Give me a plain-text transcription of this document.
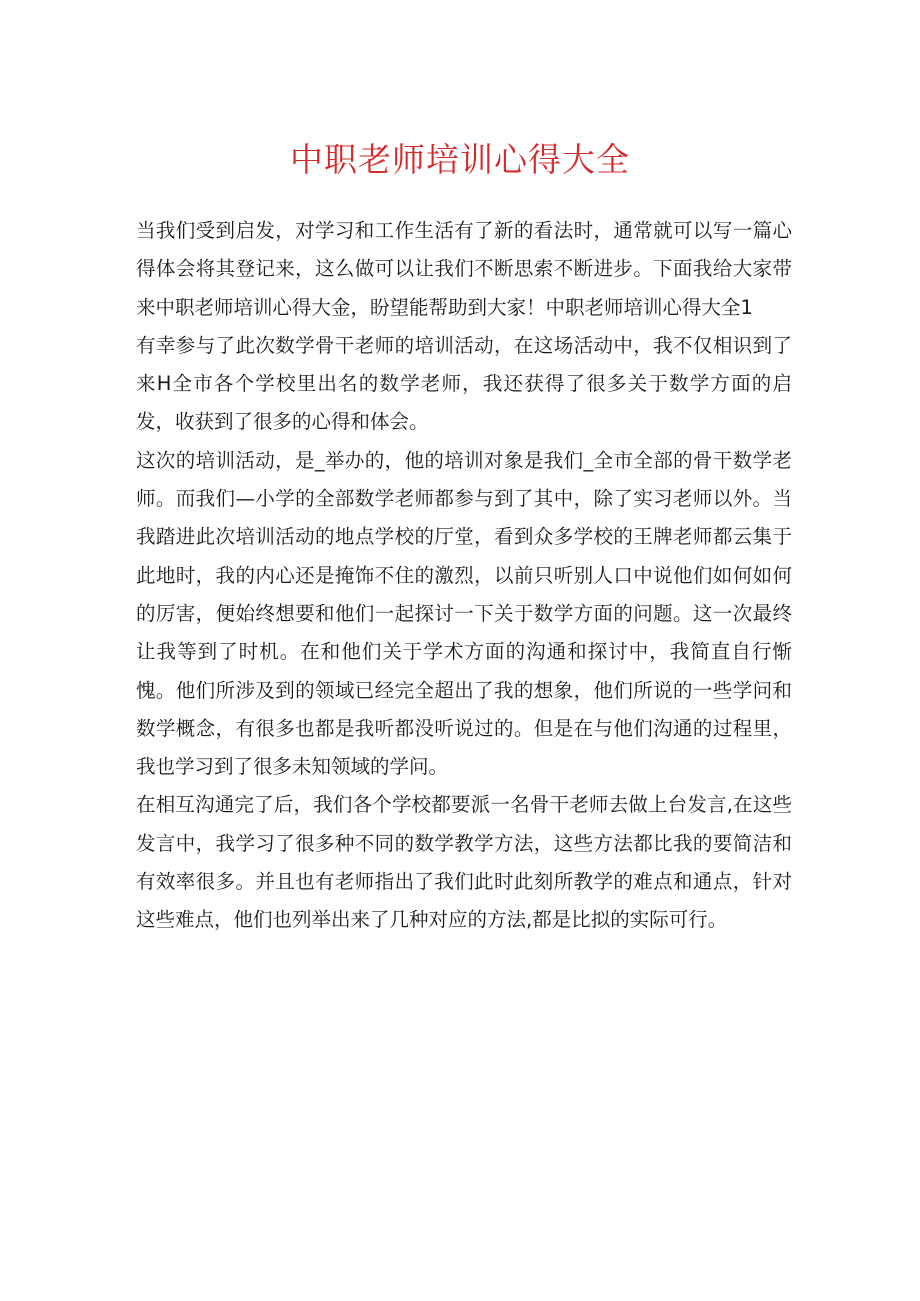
中职老师培训心得大全

当我们受到启发，对学习和工作生活有了新的看法时，通常就可以写一篇心得体会将其登记来，这么做可以让我们不断思索不断进步。下面我给大家带来中职老师培训心得大金，盼望能帮助到大家！中职老师培训心得大全1

有幸参与了此次数学骨干老师的培训活动，在这场活动中，我不仅相识到了来H全市各个学校里出名的数学老师，我还获得了很多关于数学方面的启发，收获到了很多的心得和体会。

这次的培训活动，是_举办的，他的培训对象是我们_全市全部的骨干数学老师。而我们—小学的全部数学老师都参与到了其中，除了实习老师以外。当我踏进此次培训活动的地点学校的厅堂，看到众多学校的王牌老师都云集于此地时，我的内心还是掩饰不住的激烈，以前只听别人口中说他们如何如何的厉害，便始终想要和他们一起探讨一下关于数学方面的问题。这一次最终让我等到了时机。在和他们关于学术方面的沟通和探讨中，我简直自行惭愧。他们所涉及到的领域已经完全超出了我的想象，他们所说的一些学问和数学概念，有很多也都是我听都没听说过的。但是在与他们沟通的过程里，我也学习到了很多未知领域的学问。

在相互沟通完了后，我们各个学校都要派一名骨干老师去做上台发言,在这些发言中，我学习了很多种不同的数学教学方法，这些方法都比我的要简洁和有效率很多。并且也有老师指出了我们此时此刻所教学的难点和通点，针对这些难点，他们也列举出来了几种对应的方法,都是比拟的实际可行。
